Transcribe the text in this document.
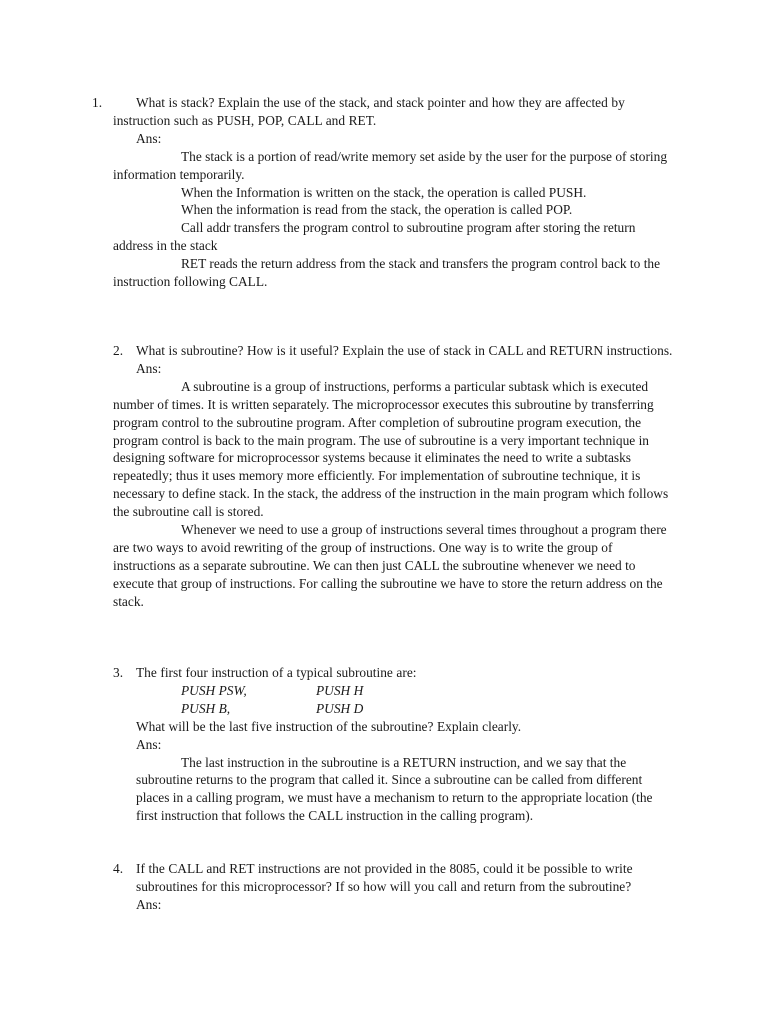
1.	What is stack? Explain the use of the stack, and stack pointer and how they are affected by instruction such as PUSH, POP, CALL and RET.

Ans:

The stack is a portion of read/write memory set aside by the user for the purpose of storing information temporarily.

When the Information is written on the stack, the operation is called PUSH.

When the information is read from the stack, the operation is called POP.

Call addr transfers the program control to subroutine program after storing the return address in the stack

RET reads the return address from the stack and transfers the program control back to the instruction following CALL.

2. What is subroutine? How is it useful? Explain the use of stack in CALL and RETURN instructions.

Ans:

A subroutine is a group of instructions, performs a particular subtask which is executed number of times. It is written separately. The microprocessor executes this subroutine by transferring program control to the subroutine program. After completion of subroutine program execution, the program control is back to the main program. The use of subroutine is a very important technique in designing software for microprocessor systems because it eliminates the need to write a subtasks repeatedly; thus it uses memory more efficiently. For implementation of subroutine technique, it is necessary to define stack. In the stack, the address of the instruction in the main program which follows the subroutine call is stored.

Whenever we need to use a group of instructions several times throughout a program there are two ways to avoid rewriting of the group of instructions. One way is to write the group of instructions as a separate subroutine. We can then just CALL the subroutine whenever we need to execute that group of instructions. For calling the subroutine we have to store the return address on the stack.

3. The first four instruction of a typical subroutine are:

PUSH PSW,	PUSH H
PUSH B,	PUSH D

What will be the last five instruction of the subroutine? Explain clearly.

Ans:

The last instruction in the subroutine is a RETURN instruction, and we say that the subroutine returns to the program that called it. Since a subroutine can be called from different places in a calling program, we must have a mechanism to return to the appropriate location (the first instruction that follows the CALL instruction in the calling program).

4. If the CALL and RET instructions are not provided in the 8085, could it be possible to write subroutines for this microprocessor? If so how will you call and return from the subroutine?

Ans:
